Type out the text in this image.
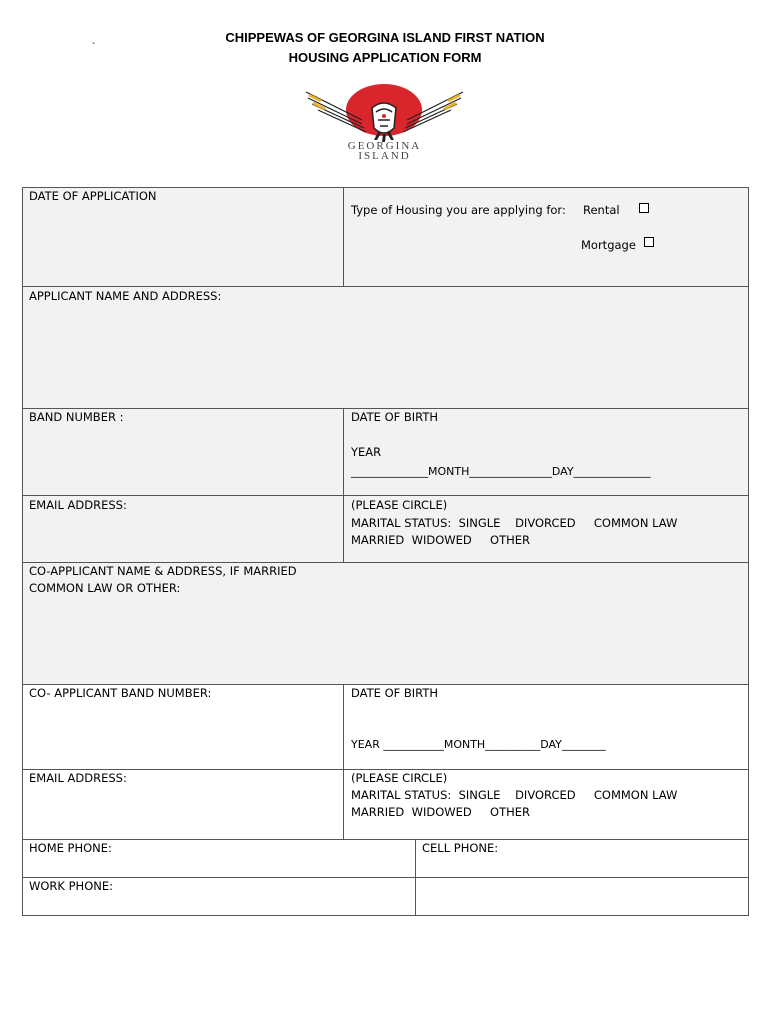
CHIPPEWAS OF GEORGINA ISLAND FIRST NATION
HOUSING APPLICATION FORM
`
GEORGINA
ISLAND
DATE OF APPLICATION
Type of Housing you are applying for: Rental
Mortgage
APPLICANT NAME AND ADDRESS:
BAND NUMBER :	DATE OF BIRTH
YEAR
______________MONTH_______________DAY______________
EMAIL ADDRESS:	(PLEASE CIRCLE)
MARITAL STATUS:  SINGLE    DIVORCED     COMMON LAW
MARRIED  WIDOWED     OTHER
CO-APPLICANT NAME & ADDRESS, IF MARRIED
COMMON LAW OR OTHER:
CO- APPLICANT BAND NUMBER:	DATE OF BIRTH
YEAR ___________MONTH__________DAY________
EMAIL ADDRESS:	(PLEASE CIRCLE)
MARITAL STATUS:  SINGLE    DIVORCED     COMMON LAW
MARRIED  WIDOWED     OTHER
HOME PHONE:	CELL PHONE:
WORK PHONE:
